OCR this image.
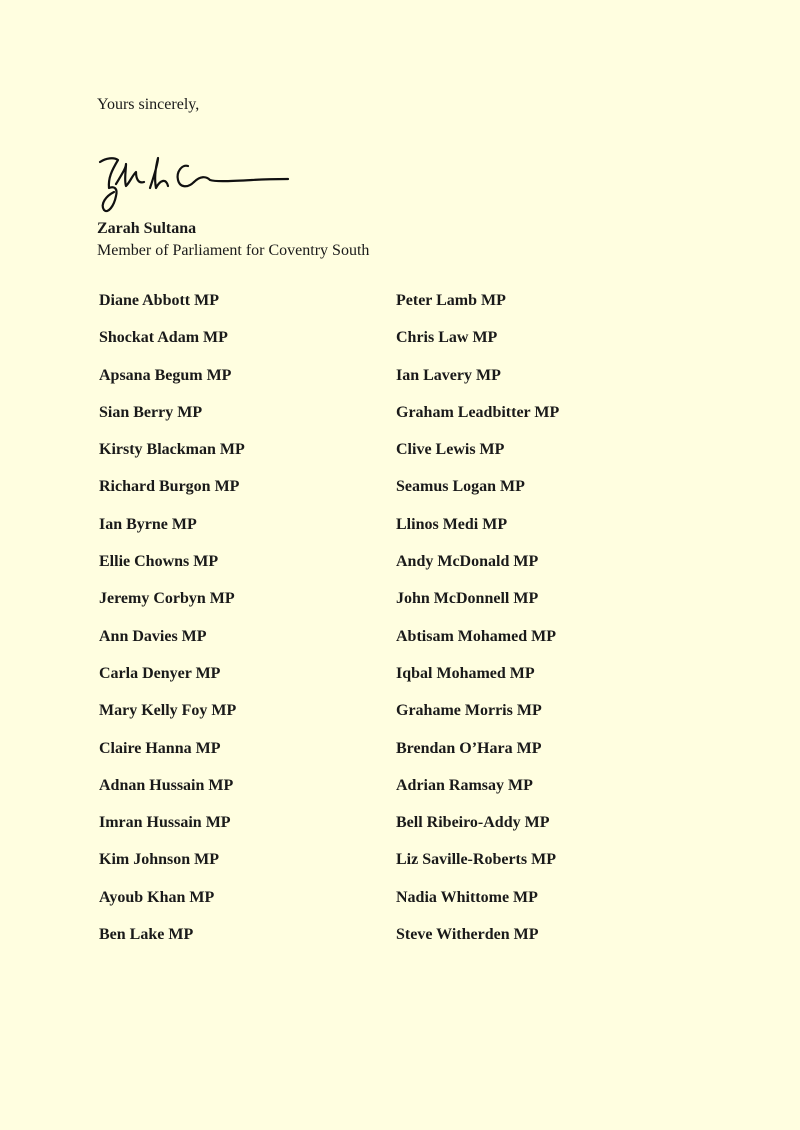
Yours sincerely,
Zarah Sultana
Member of Parliament for Coventry South
Diane Abbott MP
Shockat Adam MP
Apsana Begum MP
Sian Berry MP
Kirsty Blackman MP
Richard Burgon MP
Ian Byrne MP
Ellie Chowns MP
Jeremy Corbyn MP
Ann Davies MP
Carla Denyer MP
Mary Kelly Foy MP
Claire Hanna MP
Adnan Hussain MP
Imran Hussain MP
Kim Johnson MP
Ayoub Khan MP
Ben Lake MP
Peter Lamb MP
Chris Law MP
Ian Lavery MP
Graham Leadbitter MP
Clive Lewis MP
Seamus Logan MP
Llinos Medi MP
Andy McDonald MP
John McDonnell MP
Abtisam Mohamed MP
Iqbal Mohamed MP
Grahame Morris MP
Brendan O’Hara MP
Adrian Ramsay MP
Bell Ribeiro-Addy MP
Liz Saville-Roberts MP
Nadia Whittome MP
Steve Witherden MP
